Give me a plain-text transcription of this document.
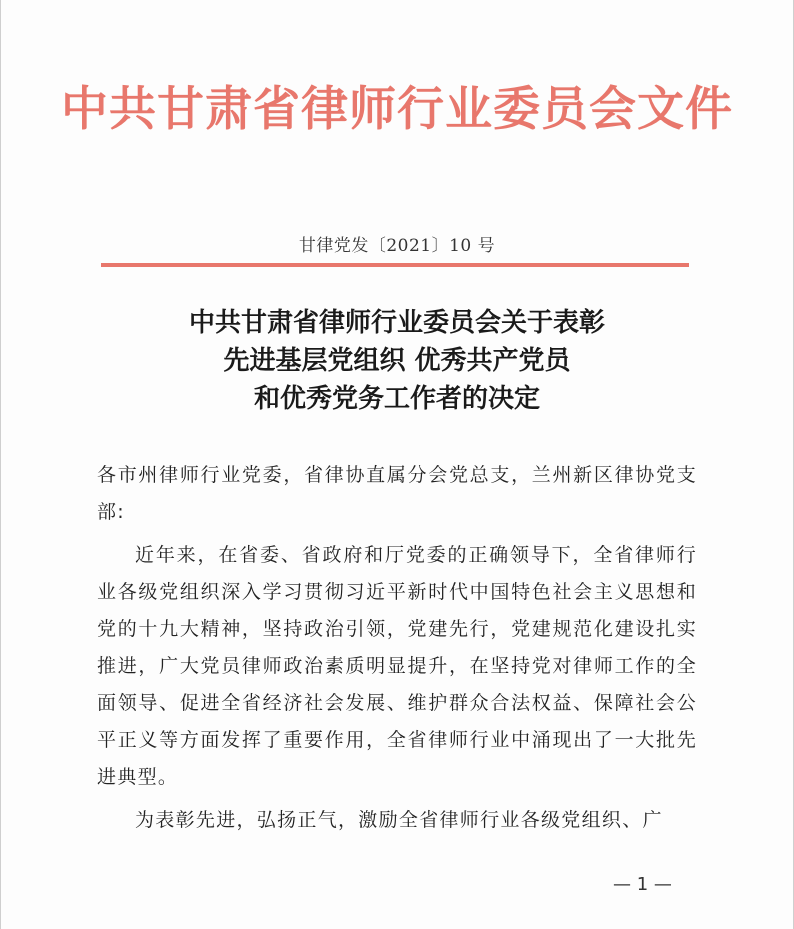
中共甘肃省律师行业委员会文件
甘律党发〔2021〕10 号
中共甘肃省律师行业委员会关于表彰
先进基层党组织 优秀共产党员
和优秀党务工作者的决定

各市州律师行业党委，省律协直属分会党总支，兰州新区律协党支部:

近年来，在省委、省政府和厅党委的正确领导下，全省律师行业各级党组织深入学习贯彻习近平新时代中国特色社会主义思想和党的十九大精神，坚持政治引领，党建先行，党建规范化建设扎实推进，广大党员律师政治素质明显提升，在坚持党对律师工作的全面领导、促进全省经济社会发展、维护群众合法权益、保障社会公平正义等方面发挥了重要作用，全省律师行业中涌现出了一大批先进典型。

为表彰先进，弘扬正气，激励全省律师行业各级党组织、广

— 1 —
